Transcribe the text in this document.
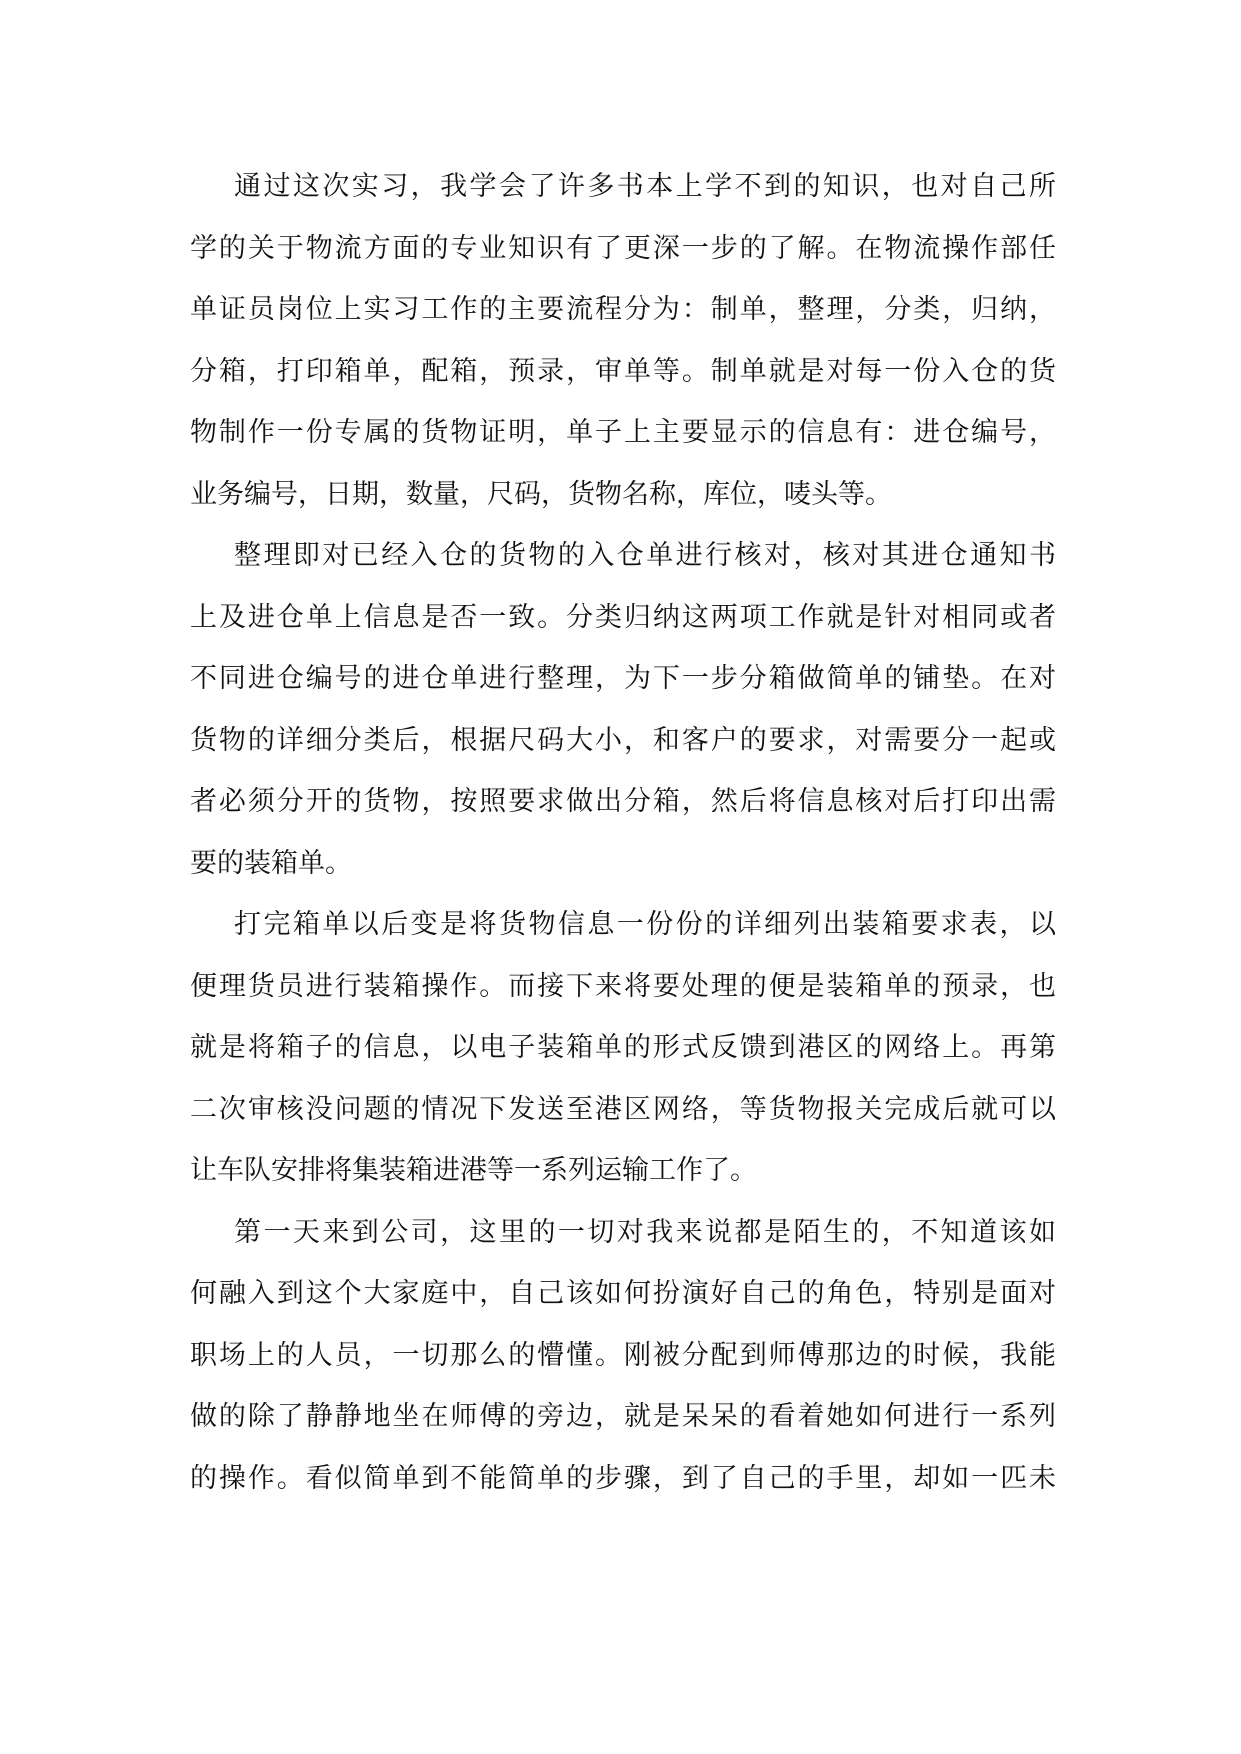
通过这次实习，我学会了许多书本上学不到的知识，也对自己所
学的关于物流方面的专业知识有了更深一步的了解。在物流操作部任
单证员岗位上实习工作的主要流程分为：制单，整理，分类，归纳，
分箱，打印箱单，配箱，预录，审单等。制单就是对每一份入仓的货
物制作一份专属的货物证明，单子上主要显示的信息有：进仓编号，
业务编号，日期，数量，尺码，货物名称，库位，唛头等。
整理即对已经入仓的货物的入仓单进行核对，核对其进仓通知书
上及进仓单上信息是否一致。分类归纳这两项工作就是针对相同或者
不同进仓编号的进仓单进行整理，为下一步分箱做简单的铺垫。在对
货物的详细分类后，根据尺码大小，和客户的要求，对需要分一起或
者必须分开的货物，按照要求做出分箱，然后将信息核对后打印出需
要的装箱单。
打完箱单以后变是将货物信息一份份的详细列出装箱要求表，以
便理货员进行装箱操作。而接下来将要处理的便是装箱单的预录，也
就是将箱子的信息，以电子装箱单的形式反馈到港区的网络上。再第
二次审核没问题的情况下发送至港区网络，等货物报关完成后就可以
让车队安排将集装箱进港等一系列运输工作了。
第一天来到公司，这里的一切对我来说都是陌生的，不知道该如
何融入到这个大家庭中，自己该如何扮演好自己的角色，特别是面对
职场上的人员，一切那么的懵懂。刚被分配到师傅那边的时候，我能
做的除了静静地坐在师傅的旁边，就是呆呆的看着她如何进行一系列
的操作。看似简单到不能简单的步骤，到了自己的手里，却如一匹未
